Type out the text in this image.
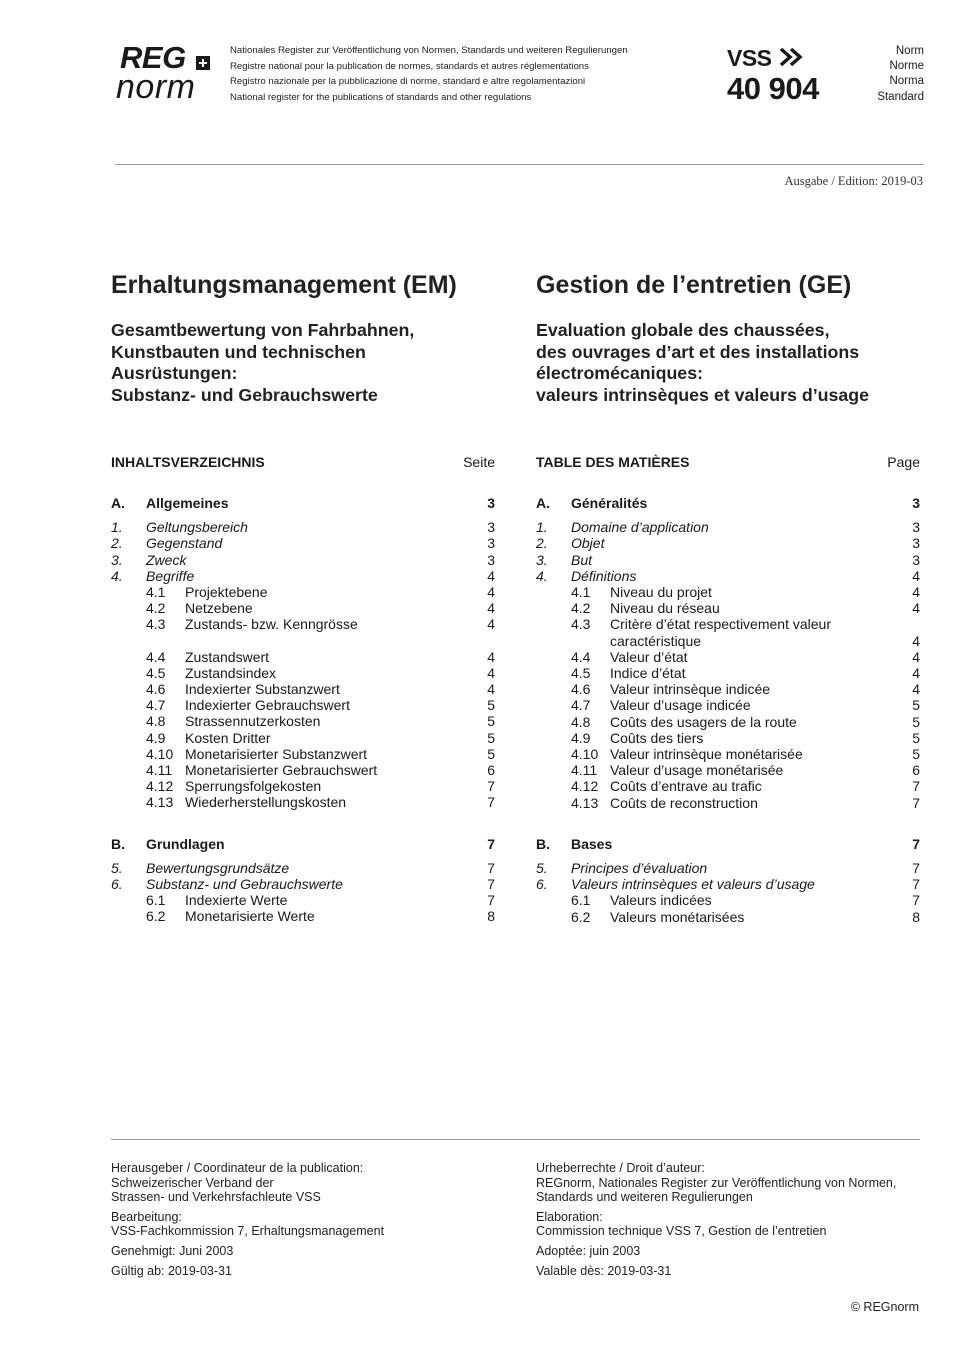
REG
norm
Nationales Register zur Veröffentlichung von Normen, Standards und weiteren Regulierungen
Registre national pour la publication de normes, standards et autres réglementations
Registro nazionale per la pubblicazione di norme, standard e altre regolamentazioni
National register for the publications of standards and other regulations
VSS
40 904
Norm
Norme
Norma
Standard
Ausgabe / Edition: 2019-03
Erhaltungsmanagement (EM)
Gesamtbewertung von Fahrbahnen,
Kunstbauten und technischen
Ausrüstungen:
Substanz- und Gebrauchswerte
INHALTSVERZEICHNIS	Seite
A.	Allgemeines	3
1.	Geltungsbereich	3
2.	Gegenstand	3
3.	Zweck	3
4.	Begriffe	4
4.1	Projektebene	4
4.2	Netzebene	4
4.3	Zustands- bzw. Kenngrösse	4
4.4	Zustandswert	4
4.5	Zustandsindex	4
4.6	Indexierter Substanzwert	4
4.7	Indexierter Gebrauchswert	5
4.8	Strassennutzerkosten	5
4.9	Kosten Dritter	5
4.10 Monetarisierter Substanzwert	5
4.11 Monetarisierter Gebrauchswert	6
4.12 Sperrungsfolgekosten	7
4.13 Wiederherstellungskosten	7
B.	Grundlagen	7
5.	Bewertungsgrundsätze	7
6.	Substanz- und Gebrauchswerte	7
6.1	Indexierte Werte	7
6.2	Monetarisierte Werte	8
Gestion de l’entretien (GE)
Evaluation globale des chaussées,
des ouvrages d’art et des installations
électromécaniques:
valeurs intrinsèques et valeurs d’usage
TABLE DES MATIÈRES	Page
A.	Généralités	3
1.	Domaine d’application	3
2.	Objet	3
3.	But	3
4.	Définitions	4
4.1	Niveau du projet	4
4.2	Niveau du réseau	4
4.3	Critère d’état respectivement valeur caractéristique	4
4.4	Valeur d’état	4
4.5	Indice d’état	4
4.6	Valeur intrinsèque indicée	4
4.7	Valeur d’usage indicée	5
4.8	Coûts des usagers de la route	5
4.9	Coûts des tiers	5
4.10 Valeur intrinsèque monétarisée	5
4.11 Valeur d’usage monétarisée	6
4.12 Coûts d’entrave au trafic	7
4.13 Coûts de reconstruction	7
B.	Bases	7
5.	Principes d’évaluation	7
6.	Valeurs intrinsèques et valeurs d’usage	7
6.1	Valeurs indicées	7
6.2	Valeurs monétarisées	8
Herausgeber / Coordinateur de la publication:
Schweizerischer Verband der
Strassen- und Verkehrsfachleute VSS
Bearbeitung:
VSS-Fachkommission 7, Erhaltungsmanagement
Genehmigt: Juni 2003
Gültig ab: 2019-03-31
Urheberrechte / Droit d’auteur:
REGnorm, Nationales Register zur Veröffentlichung von Normen,
Standards und weiteren Regulierungen
Elaboration:
Commission technique VSS 7, Gestion de l’entretien
Adoptée: juin 2003
Valable dès: 2019-03-31
© REGnorm
